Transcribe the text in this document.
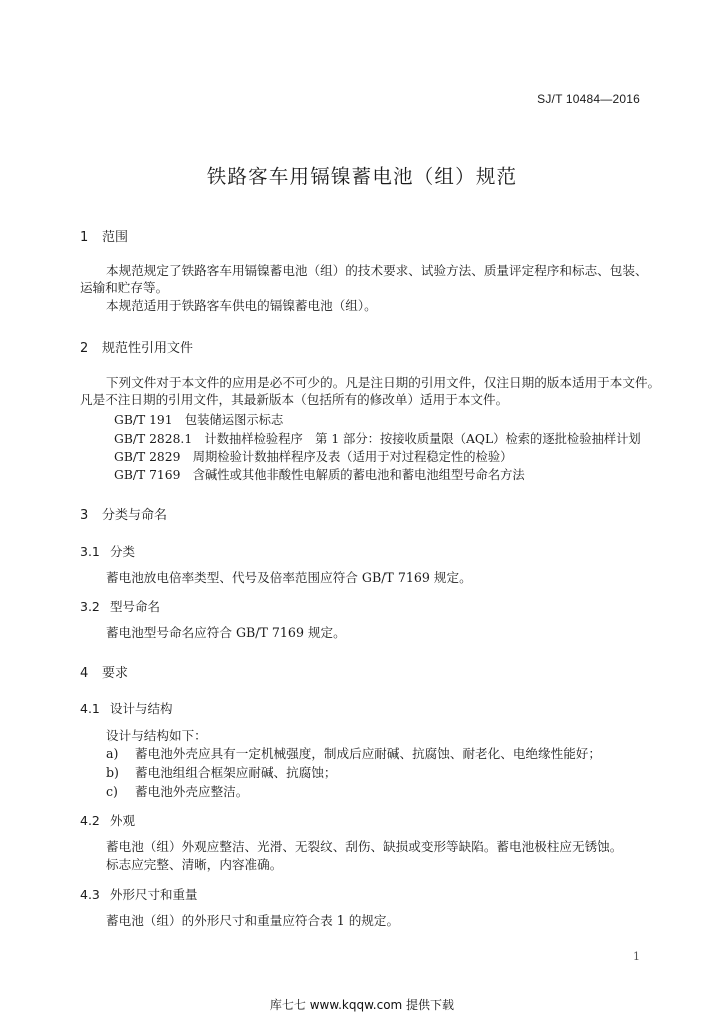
SJ/T 10484—2016
铁路客车用镉镍蓄电池（组）规范
1 范围
本规范规定了铁路客车用镉镍蓄电池（组）的技术要求、试验方法、质量评定程序和标志、包装、
运输和贮存等。
本规范适用于铁路客车供电的镉镍蓄电池（组）。
2 规范性引用文件
下列文件对于本文件的应用是必不可少的。凡是注日期的引用文件，仅注日期的版本适用于本文件。
凡是不注日期的引用文件，其最新版本（包括所有的修改单）适用于本文件。
GB/T 191　包装储运图示标志
GB/T 2828.1　计数抽样检验程序　第 1 部分：按接收质量限（AQL）检索的逐批检验抽样计划
GB/T 2829　周期检验计数抽样程序及表（适用于对过程稳定性的检验）
GB/T 7169　含碱性或其他非酸性电解质的蓄电池和蓄电池组型号命名方法
3 分类与命名
3.1 分类
蓄电池放电倍率类型、代号及倍率范围应符合 GB/T 7169 规定。
3.2 型号命名
蓄电池型号命名应符合 GB/T 7169 规定。
4 要求
4.1 设计与结构
设计与结构如下：
a) 蓄电池外壳应具有一定机械强度，制成后应耐碱、抗腐蚀、耐老化、电绝缘性能好；
b) 蓄电池组组合框架应耐碱、抗腐蚀；
c) 蓄电池外壳应整洁。
4.2 外观
蓄电池（组）外观应整洁、光滑、无裂纹、刮伤、缺损或变形等缺陷。蓄电池极柱应无锈蚀。
标志应完整、清晰，内容准确。
4.3 外形尺寸和重量
蓄电池（组）的外形尺寸和重量应符合表 1 的规定。
1
库七七 www.kqqw.com 提供下载
